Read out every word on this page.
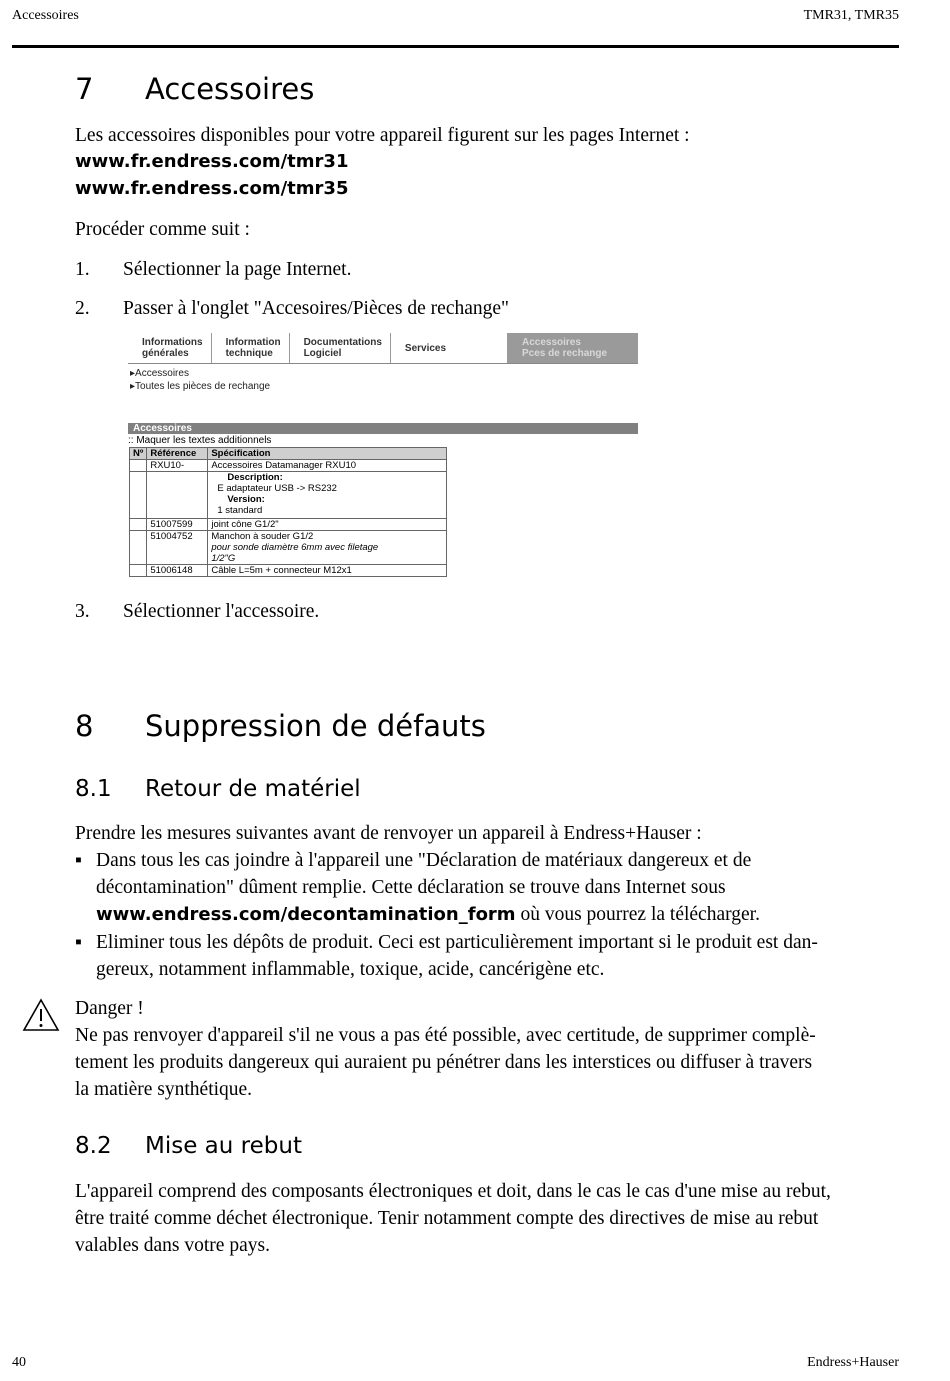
Accessoires	TMR31, TMR35
7 Accessoires
Les accessoires disponibles pour votre appareil figurent sur les pages Internet :
www.fr.endress.com/tmr31
www.fr.endress.com/tmr35
Procéder comme suit :
1. Sélectionner la page Internet.
2. Passer à l'onglet "Accesoires/Pièces de rechange"
Informations
générales
Information
technique
Documentations
Logiciel	Services
Accessoires
Pces de rechange
▸Accessoires
▸Toutes les pièces de rechange
Accessoires
:: Maquer les textes additionnels
Nº	Référence	Spécification
	RXU10-	Accessoires Datamanager RXU10

		Description:
E adaptateur USB -> RS232
Version:
1 standard

	51007599	joint cône G1/2"
	51004752	Manchon à souder G1/2
pour sonde diamètre 6mm avec filetage
1/2"G

	51006148	Câble L=5m + connecteur M12x1
3. Sélectionner l'accessoire.
8 Suppression de défauts
8.1 Retour de matériel
Prendre les mesures suivantes avant de renvoyer un appareil à Endress+Hauser :
▪ Dans tous les cas joindre à l'appareil une "Déclaration de matériaux dangereux et de
décontamination" dûment remplie. Cette déclaration se trouve dans Internet sous
www.endress.com/decontamination_form où vous pourrez la télécharger.
▪ Eliminer tous les dépôts de produit. Ceci est particulièrement important si le produit est dan-
gereux, notamment inflammable, toxique, acide, cancérigène etc.
Danger !
Ne pas renvoyer d'appareil s'il ne vous a pas été possible, avec certitude, de supprimer complè-
tement les produits dangereux qui auraient pu pénétrer dans les interstices ou diffuser à travers
la matière synthétique.
8.2 Mise au rebut
L'appareil comprend des composants électroniques et doit, dans le cas le cas d'une mise au rebut,
être traité comme déchet électronique. Tenir notamment compte des directives de mise au rebut
valables dans votre pays.
40	Endress+Hauser
